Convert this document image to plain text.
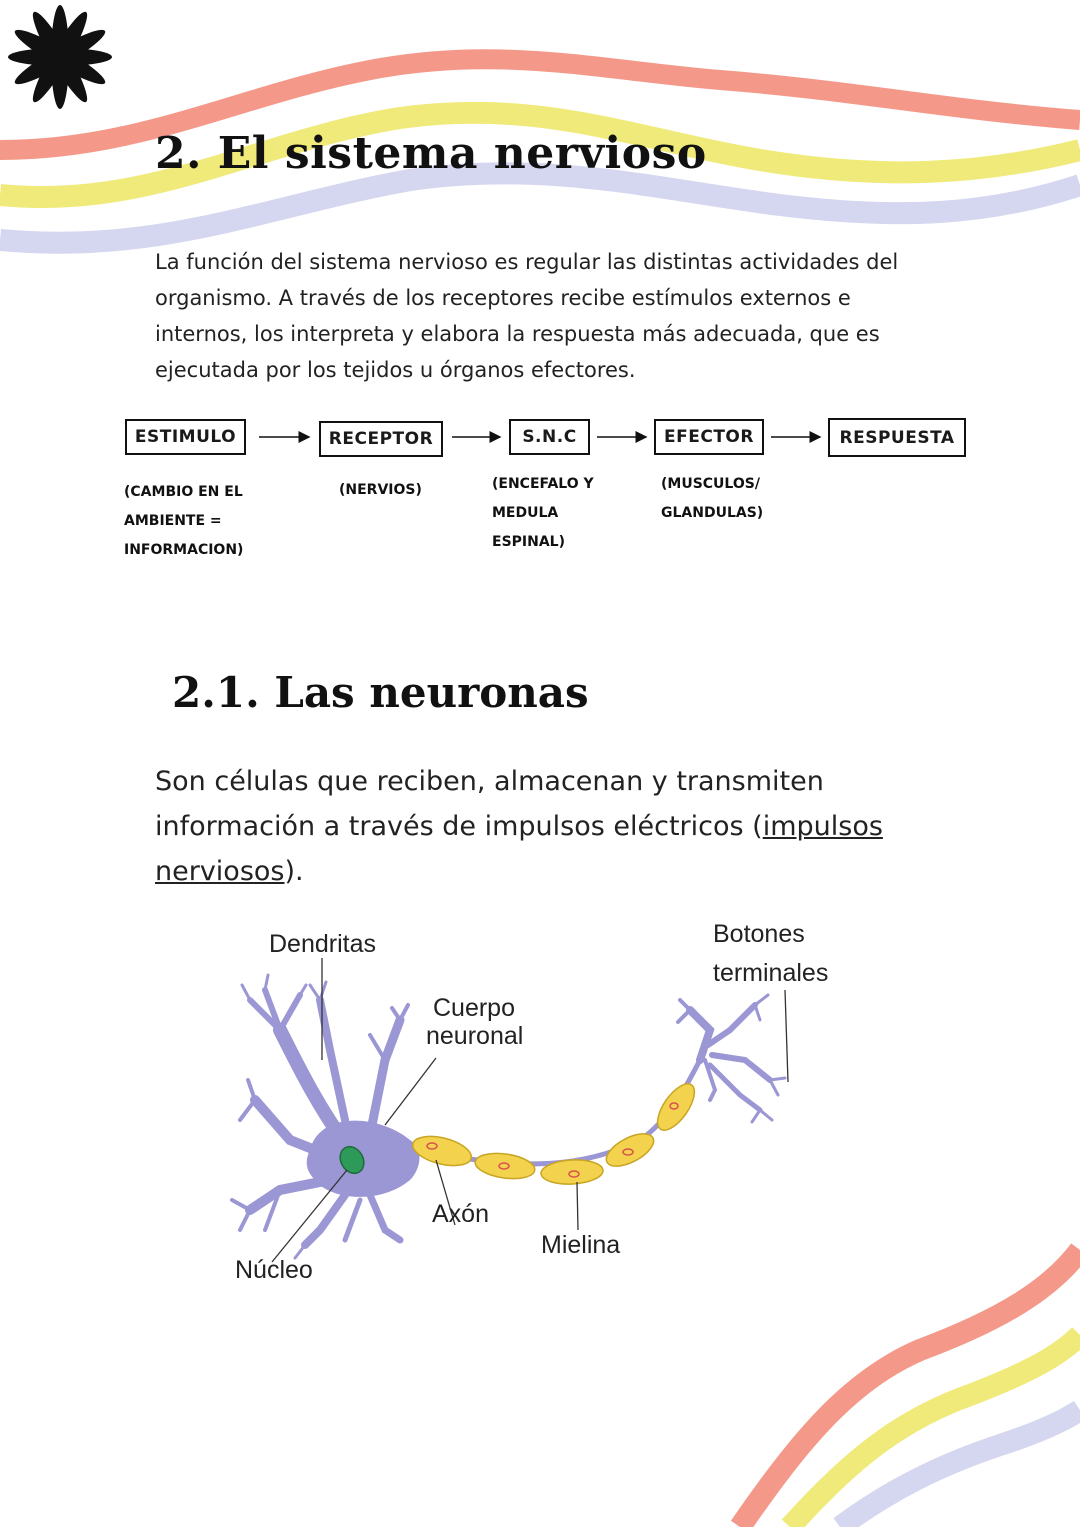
2. El sistema nervioso
La función del sistema nervioso es regular las distintas actividades del
organismo. A través de los receptores recibe estímulos externos e
internos, los interpreta y elabora la respuesta más adecuada, que es
ejecutada por los tejidos u órganos efectores.
ESTIMULO	RECEPTOR	S.N.C	EFECTOR	RESPUESTA
(CAMBIO EN EL
AMBIENTE =
INFORMACION)
(NERVIOS)	(ENCEFALO Y
MEDULA
ESPINAL)
(MUSCULOS/
GLANDULAS)
2.1. Las neuronas
Son células que reciben, almacenan y transmiten
información a través de impulsos eléctricos (impulsos
nerviosos).
Dendritas
Cuerpo
neuronal
Botones
terminales
Axón
Mielina
Núcleo
